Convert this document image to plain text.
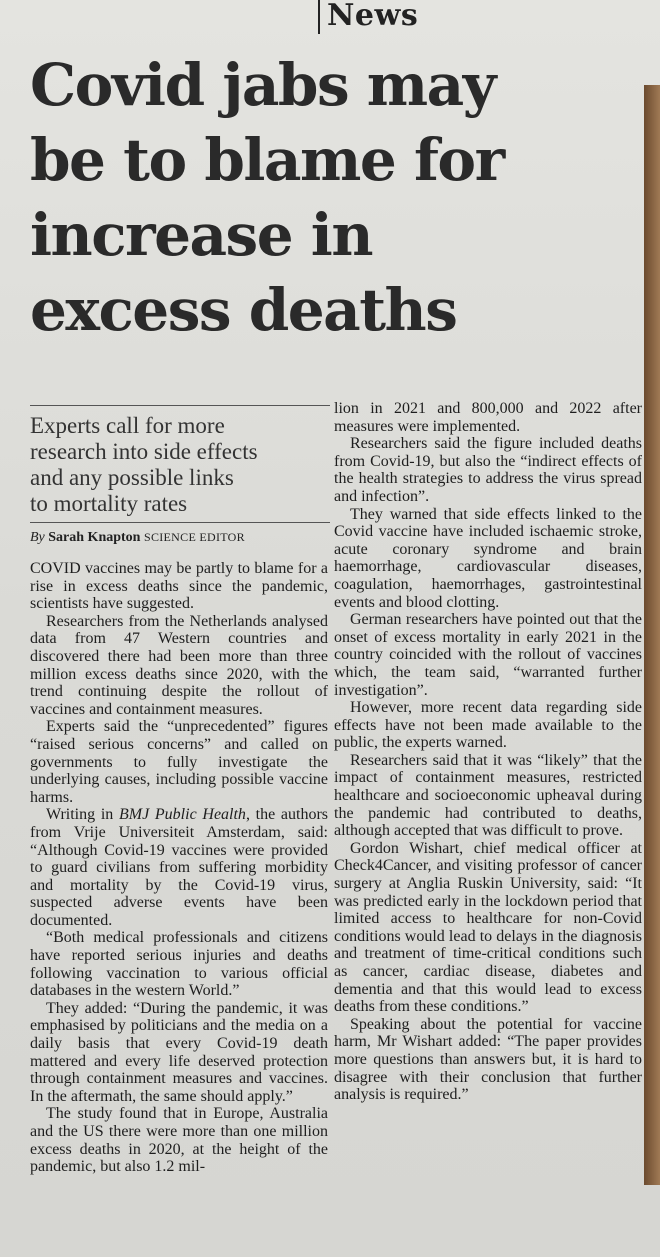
News
Covid jabs may
be to blame for
increase in
excess deaths
Experts call for more
research into side effects
and any possible links
to mortality rates
By Sarah Knapton SCIENCE EDITOR

COVID vaccines may be partly to blame for a rise in excess deaths since the pandemic, scientists have suggested.

Researchers from the Netherlands analysed data from 47 Western countries and discovered there had been more than three million excess deaths since 2020, with the trend continuing despite the rollout of vaccines and containment measures.

Experts said the “unprecedented” figures “raised serious concerns” and called on governments to fully investigate the underlying causes, including possible vaccine harms.

Writing in BMJ Public Health, the authors from Vrije Universiteit Amsterdam, said: “Although Covid-19 vaccines were provided to guard civilians from suffering morbidity and mortality by the Covid-19 virus, suspected adverse events have been documented.

“Both medical professionals and citizens have reported serious injuries and deaths following vaccination to various official databases in the western World.”

They added: “During the pandemic, it was emphasised by politicians and the media on a daily basis that every Covid-19 death mattered and every life deserved protection through containment measures and vaccines. In the aftermath, the same should apply.”

The study found that in Europe, Australia and the US there were more than one million excess deaths in 2020, at the height of the pandemic, but also 1.2 mil-

lion in 2021 and 800,000 and 2022 after measures were implemented.

Researchers said the figure included deaths from Covid-19, but also the “indirect effects of the health strategies to address the virus spread and infection”.

They warned that side effects linked to the Covid vaccine have included ischaemic stroke, acute coronary syndrome and brain haemorrhage, cardiovascular diseases, coagulation, haemorrhages, gastrointestinal events and blood clotting.

German researchers have pointed out that the onset of excess mortality in early 2021 in the country coincided with the rollout of vaccines which, the team said, “warranted further investigation”.

However, more recent data regarding side effects have not been made available to the public, the experts warned.

Researchers said that it was “likely” that the impact of containment measures, restricted healthcare and socioeconomic upheaval during the pandemic had contributed to deaths, although accepted that was difficult to prove.

Gordon Wishart, chief medical officer at Check4Cancer, and visiting professor of cancer surgery at Anglia Ruskin University, said: “It was predicted early in the lockdown period that limited access to healthcare for non-Covid conditions would lead to delays in the diagnosis and treatment of time-critical conditions such as cancer, cardiac disease, diabetes and dementia and that this would lead to excess deaths from these conditions.”

Speaking about the potential for vaccine harm, Mr Wishart added: “The paper provides more questions than answers but, it is hard to disagree with their conclusion that further analysis is required.”
